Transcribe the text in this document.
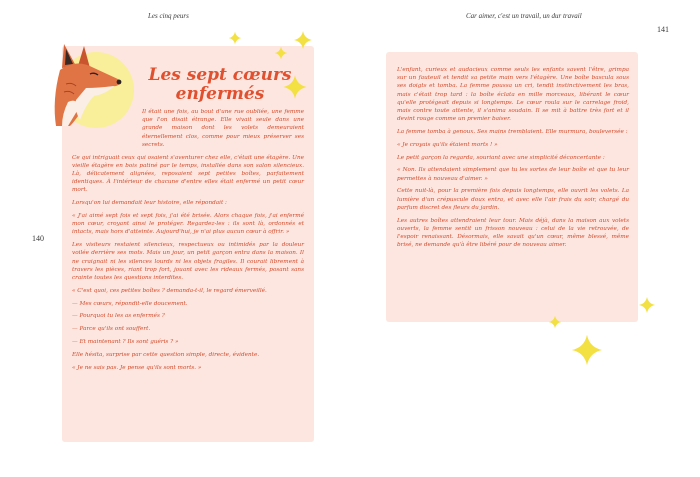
Les cinq peurs	Car aimer, c'est un travail, un dur travail
140
141
Les sept cœurs
enfermés

Il était une fois, au bout d'une rue oubliée, une femme que l'on disait étrange. Elle vivait seule dans une grande maison dont les volets demeuraient éternellement clos, comme pour mieux préserver ses secrets.

Ce qui intriguait ceux qui osaient s'aventurer chez elle, c'était une étagère. Une vieille étagère en bois patiné par le temps, installée dans son salon silencieux. Là, délicatement alignées, reposaient sept petites boîtes, parfaitement identiques. À l'intérieur de chacune d'entre elles était enfermé un petit cœur mort.

Lorsqu'on lui demandait leur histoire, elle répondait :

« J'ai aimé sept fois et sept fois, j'ai été brisée. Alors chaque fois, j'ai enfermé mon cœur, croyant ainsi le protéger. Regardez-les : ils sont là, ordonnés et intacts, mais hors d'atteinte. Aujourd'hui, je n'ai plus aucun cœur à offrir. »

Les visiteurs restaient silencieux, respectueux ou intimidés par la douleur voilée derrière ses mots. Mais un jour, un petit garçon entra dans la maison. Il ne craignait ni les silences lourds ni les objets fragiles. Il courait librement à travers les pièces, riant trop fort, jouant avec les rideaux fermés, posant sans crainte toutes les questions interdites.

« C'est quoi, ces petites boîtes ? demanda-t-il, le regard émerveillé.

— Mes cœurs, répondit-elle doucement.

— Pourquoi tu les as enfermés ?

— Parce qu'ils ont souffert.

— Et maintenant ? Ils sont guéris ? »

Elle hésita, surprise par cette question simple, directe, évidente.

« Je ne sais pas. Je pense qu'ils sont morts. »

L'enfant, curieux et audacieux comme seuls les enfants savent l'être, grimpa sur un fauteuil et tendit sa petite main vers l'étagère. Une boîte bascula sous ses doigts et tomba. La femme poussa un cri, tendit instinctivement les bras, mais c'était trop tard : la boîte éclata en mille morceaux, libérant le cœur qu'elle protégeait depuis si longtemps. Le cœur roula sur le carrelage froid, mais contre toute attente, il s'anima soudain. Il se mit à battre très fort et il devint rouge comme un premier baiser.

La femme tomba à genoux. Ses mains tremblaient. Elle murmura, bouleversée :

« Je croyais qu'ils étaient morts ! »

Le petit garçon la regarda, souriant avec une simplicité déconcertante :

« Non. Ils attendaient simplement que tu les sortes de leur boîte et que tu leur permettes à nouveau d'aimer. »

Cette nuit-là, pour la première fois depuis longtemps, elle ouvrit les volets. La lumière d'un crépuscule doux entra, et avec elle l'air frais du soir, chargé du parfum discret des fleurs du jardin.

Les autres boîtes attendraient leur tour. Mais déjà, dans la maison aux volets ouverts, la femme sentit un frisson nouveau : celui de la vie retrouvée, de l'espoir renaissant. Désormais, elle savait qu'un cœur, même blessé, même brisé, ne demande qu'à être libéré pour de nouveau aimer.
